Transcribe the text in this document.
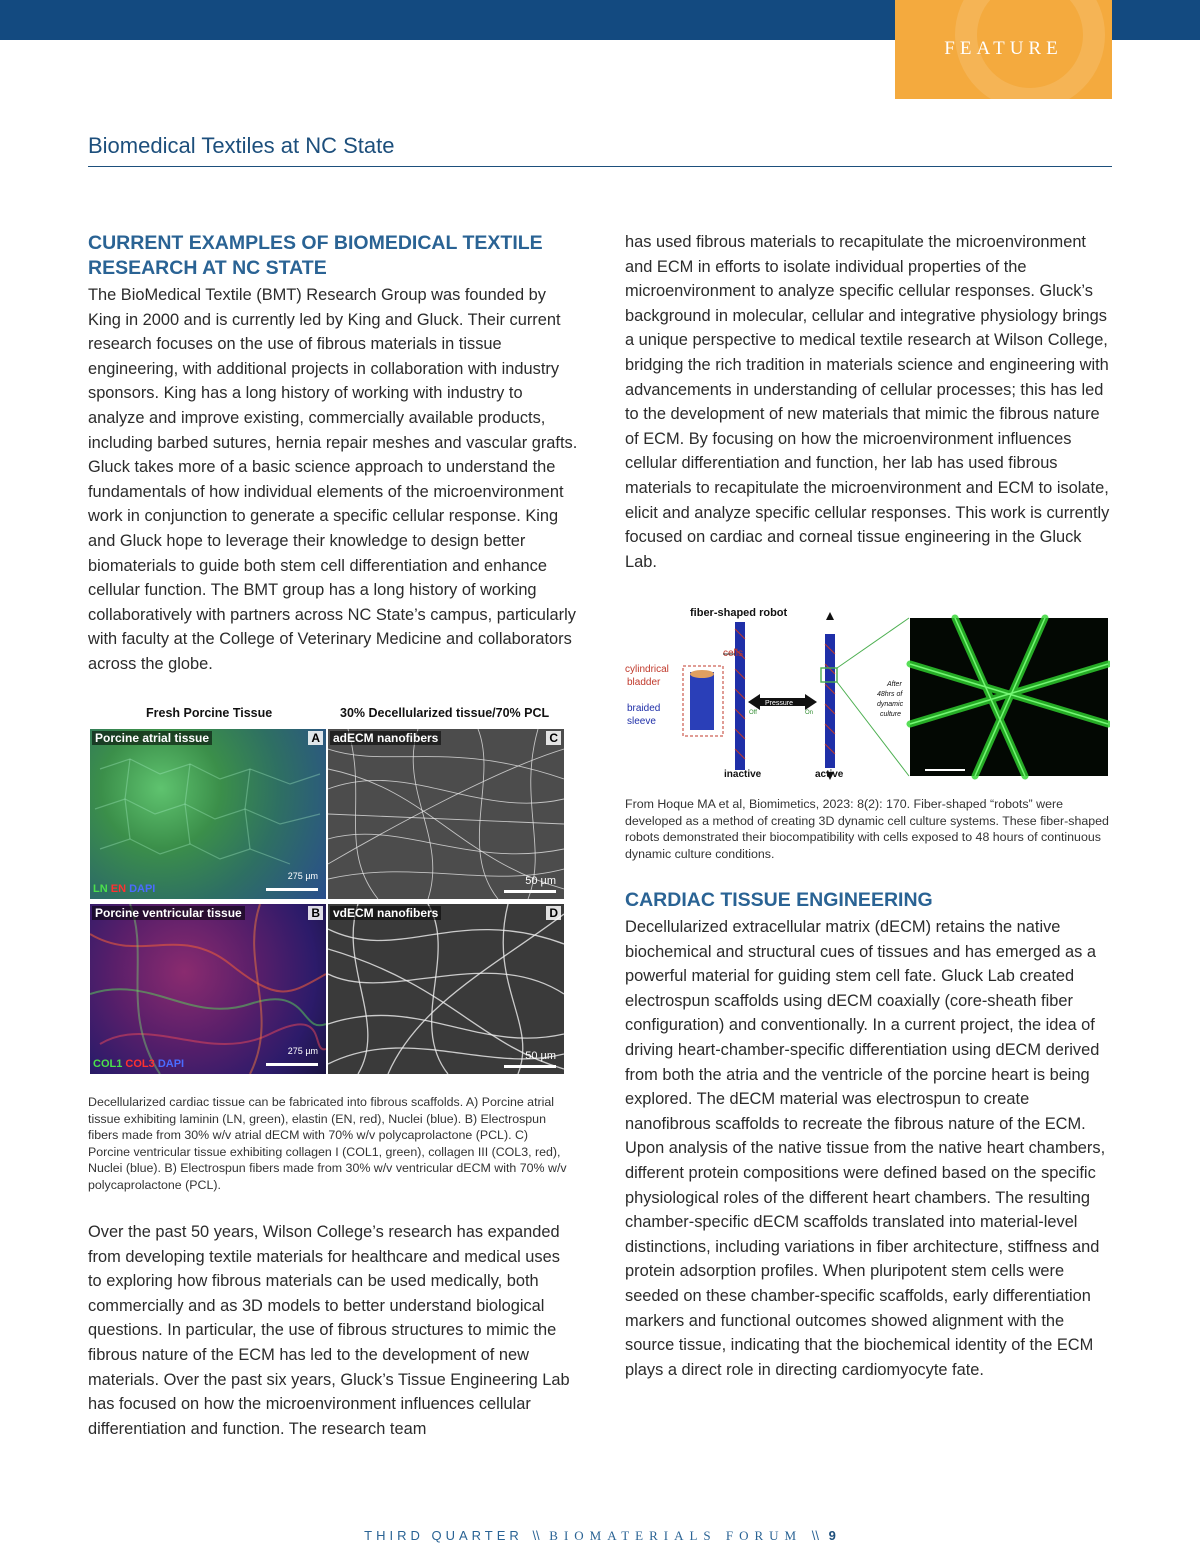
FEATURE
Biomedical Textiles at NC State
CURRENT EXAMPLES OF BIOMEDICAL TEXTILE RESEARCH AT NC STATE

The BioMedical Textile (BMT) Research Group was founded by King in 2000 and is currently led by King and Gluck. Their current research focuses on the use of fibrous materials in tissue engineering, with additional projects in collaboration with industry sponsors. King has a long history of working with industry to analyze and improve existing, commercially available products, including barbed sutures, hernia repair meshes and vascular grafts. Gluck takes more of a basic science approach to understand the fundamentals of how individual elements of the microenvironment work in conjunction to generate a specific cellular response. King and Gluck hope to leverage their knowledge to design better biomaterials to guide both stem cell differentiation and enhance cellular function. The BMT group has a long history of working collaboratively with partners across NC State’s campus, particularly with faculty at the College of Veterinary Medicine and collaborators across the globe.

Fresh Porcine Tissue	30% Decellularized tissue/70% PCL
Porcine atrial tissue	A
275 µm
LN EN DAPI
adECM nanofibers	C
50 µm
Porcine ventricular tissue	B
275 µm
COL1 COL3 DAPI
vdECM nanofibers	D
50 µm

Decellularized cardiac tissue can be fabricated into fibrous scaffolds. A) Porcine atrial tissue exhibiting laminin (LN, green), elastin (EN, red), Nuclei (blue). B) Electrospun fibers made from 30% w/v atrial dECM with 70% w/v polycaprolactone (PCL). C) Porcine ventricular tissue exhibiting collagen I (COL1, green), collagen III (COL3, red), Nuclei (blue). B) Electrospun fibers made from 30% w/v ventricular dECM with 70% w/v polycaprolactone (PCL).

Over the past 50 years, Wilson College’s research has expanded from developing textile materials for healthcare and medical uses to exploring how fibrous materials can be used medically, both commercially and as 3D models to better understand biological questions. In particular, the use of fibrous structures to mimic the fibrous nature of the ECM has led to the development of new materials. Over the past six years, Gluck’s Tissue Engineering Lab has focused on how the microenvironment influences cellular differentiation and function. The research team

has used fibrous materials to recapitulate the microenvironment and ECM in efforts to isolate individual properties of the microenvironment to analyze specific cellular responses. Gluck’s background in molecular, cellular and integrative physiology brings a unique perspective to medical textile research at Wilson College, bridging the rich tradition in materials science and engineering with advancements in understanding of cellular processes; this has led to the development of new materials that mimic the fibrous nature of ECM. By focusing on how the microenvironment influences cellular differentiation and function, her lab has used fibrous materials to recapitulate the microenvironment and ECM to isolate, elicit and analyze specific cellular responses. This work is currently focused on cardiac and corneal tissue engineering in the Gluck Lab.

fiber-shaped robot
cells
cylindrical
bladder
braided
sleeve
Pressure
Off	On
After
48hrs of
dynamic
culture
inactive	active

From Hoque MA et al, Biomimetics, 2023: 8(2): 170. Fiber-shaped “robots” were developed as a method of creating 3D dynamic cell culture systems. These fiber-shaped robots demonstrated their biocompatibility with cells exposed to 48 hours of continuous dynamic culture conditions.

CARDIAC TISSUE ENGINEERING

Decellularized extracellular matrix (dECM) retains the native biochemical and structural cues of tissues and has emerged as a powerful material for guiding stem cell fate. Gluck Lab created electrospun scaffolds using dECM coaxially (core-sheath fiber configuration) and conventionally. In a current project, the idea of driving heart-chamber-specific differentiation using dECM derived from both the atria and the ventricle of the porcine heart is being explored. The dECM material was electrospun to create nanofibrous scaffolds to recreate the fibrous nature of the ECM. Upon analysis of the native tissue from the native heart chambers, different protein compositions were defined based on the specific physiological roles of the different heart chambers. The resulting chamber-specific dECM scaffolds translated into material-level distinctions, including variations in fiber architecture, stiffness and protein adsorption profiles. When pluripotent stem cells were seeded on these chamber-specific scaffolds, early differentiation markers and functional outcomes showed alignment with the source tissue, indicating that the biochemical identity of the ECM plays a direct role in directing cardiomyocyte fate.

THIRD QUARTER \\ BIOMATERIALS FORUM \\ 9
